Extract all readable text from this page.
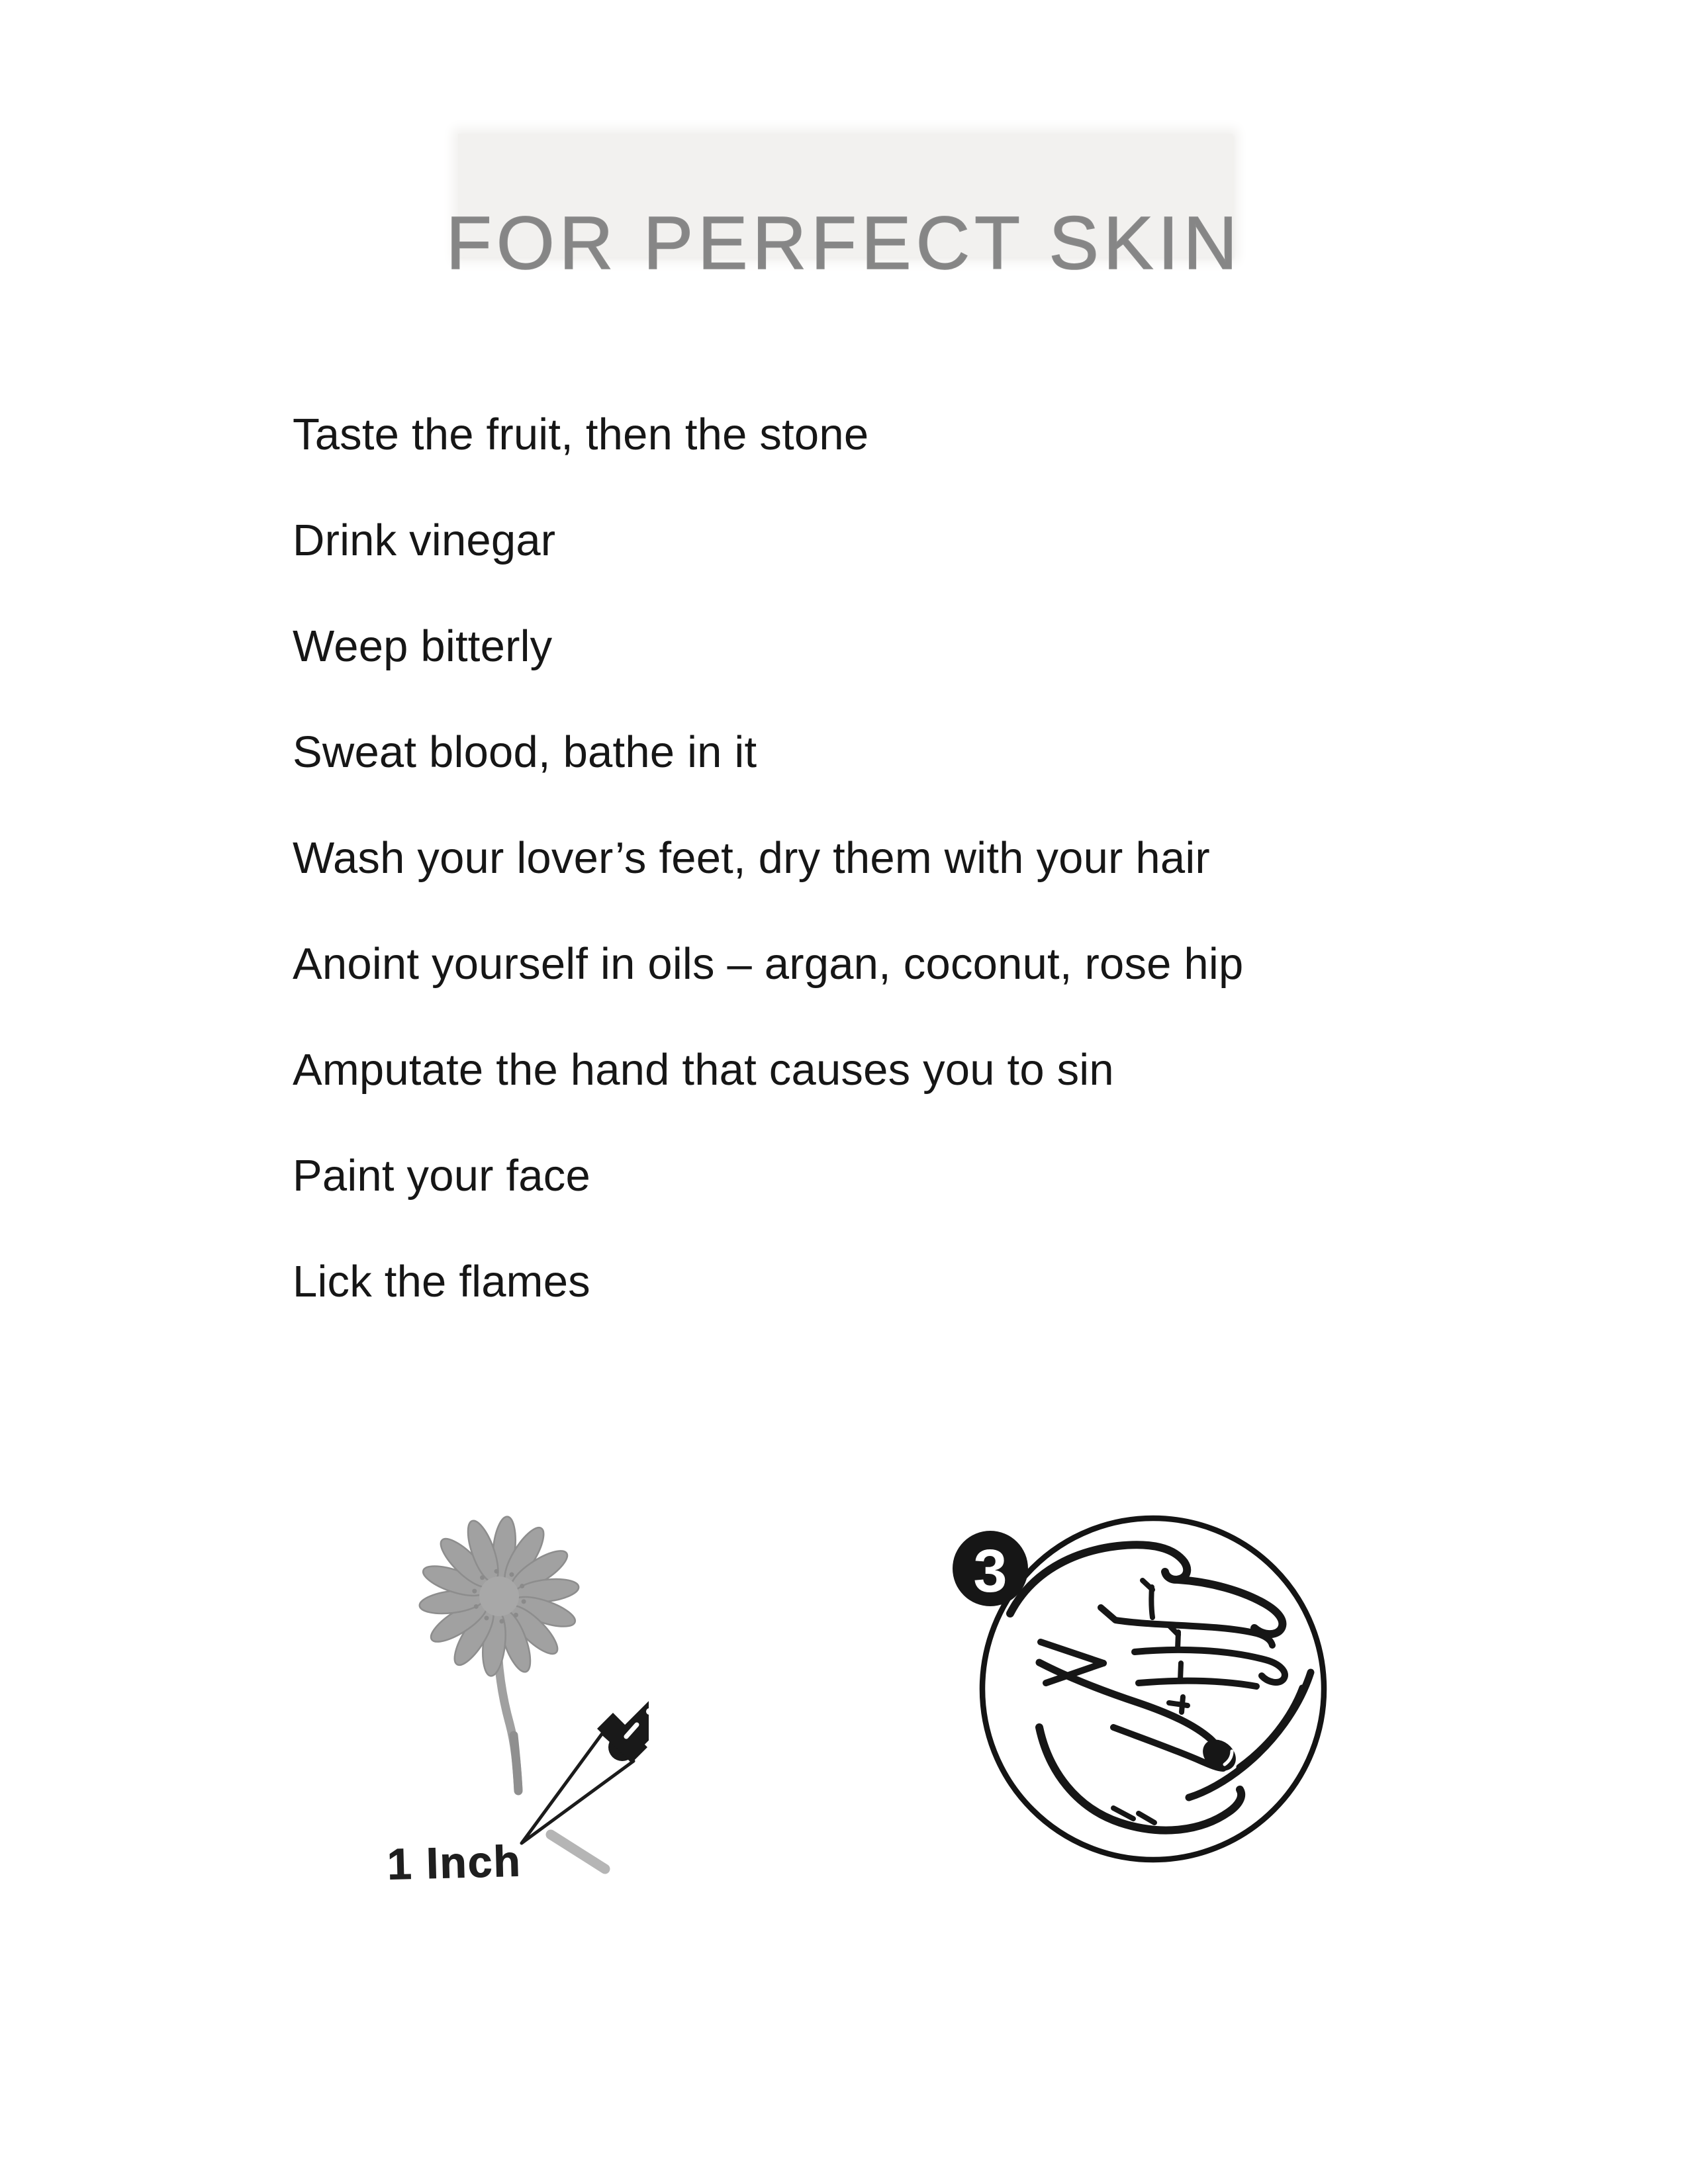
FOR PERFECT SKIN
Taste the fruit, then the stone
Drink vinegar
Weep bitterly
Sweat blood, bathe in it
Wash your lover’s feet, dry them with your hair
Anoint yourself in oils – argan, coconut, rose hip
Amputate the hand that causes you to sin
Paint your face
Lick the flames
1 Inch
3
